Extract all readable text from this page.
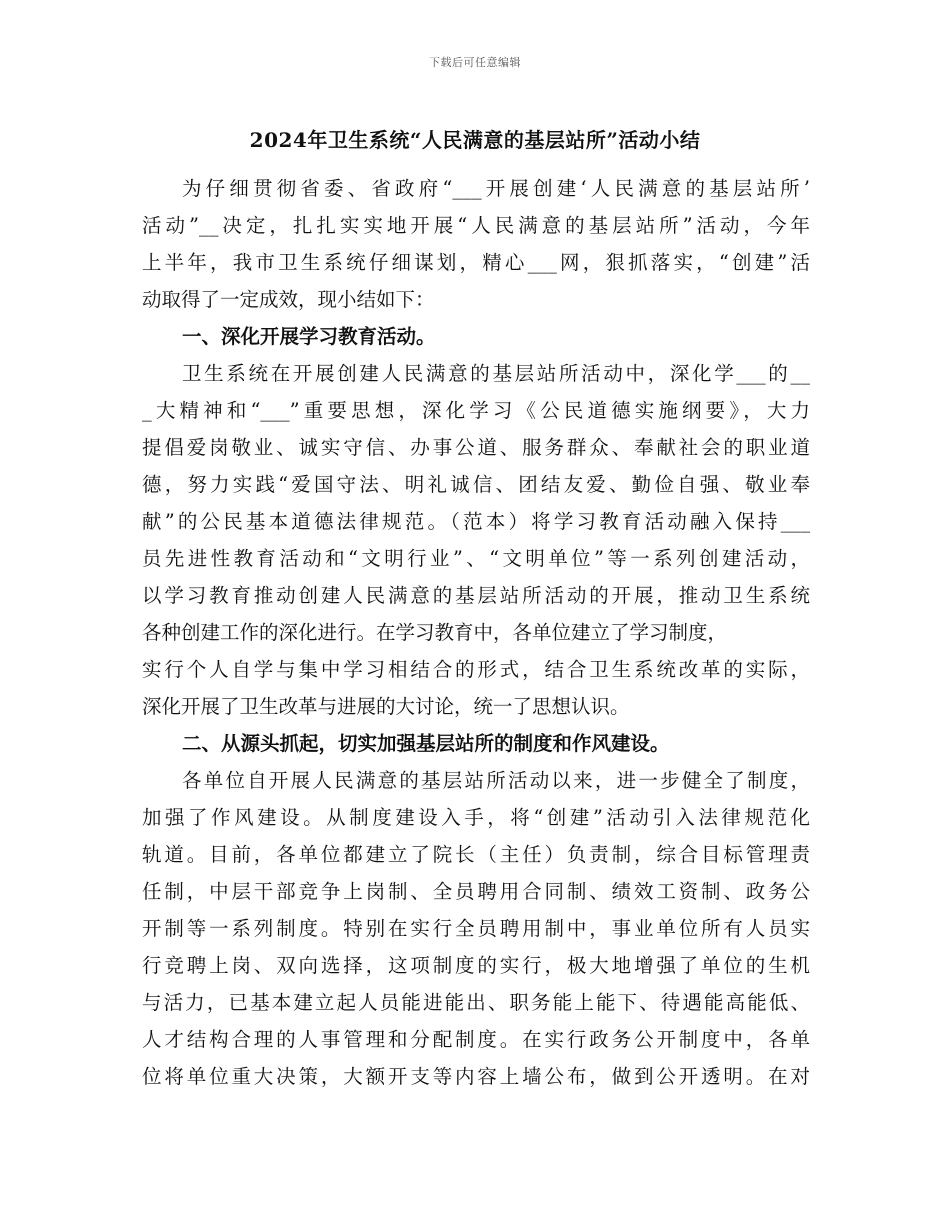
下载后可任意编辑
2024年卫生系统“人民满意的基层站所”活动小结
为仔细贯彻省委、省政府“___开展创建‘人民满意的基层站所’
活动”__决定，扎扎实实地开展“人民满意的基层站所”活动，今年
上半年，我市卫生系统仔细谋划，精心___网，狠抓落实，“创建”活
动取得了一定成效，现小结如下：
一、深化开展学习教育活动。
卫生系统在开展创建人民满意的基层站所活动中，深化学___的__
_大精神和“___”重要思想，深化学习《公民道德实施纲要》，大力
提倡爱岗敬业、诚实守信、办事公道、服务群众、奉献社会的职业道
德，努力实践“爱国守法、明礼诚信、团结友爱、勤俭自强、敬业奉
献”的公民基本道德法律规范。（范本）将学习教育活动融入保持___
员先进性教育活动和“文明行业”、“文明单位”等一系列创建活动，
以学习教育推动创建人民满意的基层站所活动的开展，推动卫生系统
各种创建工作的深化进行。在学习教育中，各单位建立了学习制度，
实行个人自学与集中学习相结合的形式，结合卫生系统改革的实际，
深化开展了卫生改革与进展的大讨论，统一了思想认识。
二、从源头抓起，切实加强基层站所的制度和作风建设。
各单位自开展人民满意的基层站所活动以来，进一步健全了制度，
加强了作风建设。从制度建设入手，将“创建”活动引入法律规范化
轨道。目前，各单位都建立了院长（主任）负责制，综合目标管理责
任制，中层干部竞争上岗制、全员聘用合同制、绩效工资制、政务公
开制等一系列制度。特别在实行全员聘用制中，事业单位所有人员实
行竞聘上岗、双向选择，这项制度的实行，极大地增强了单位的生机
与活力，已基本建立起人员能进能出、职务能上能下、待遇能高能低、
人才结构合理的人事管理和分配制度。在实行政务公开制度中，各单
位将单位重大决策，大额开支等内容上墙公布，做到公开透明。在对
